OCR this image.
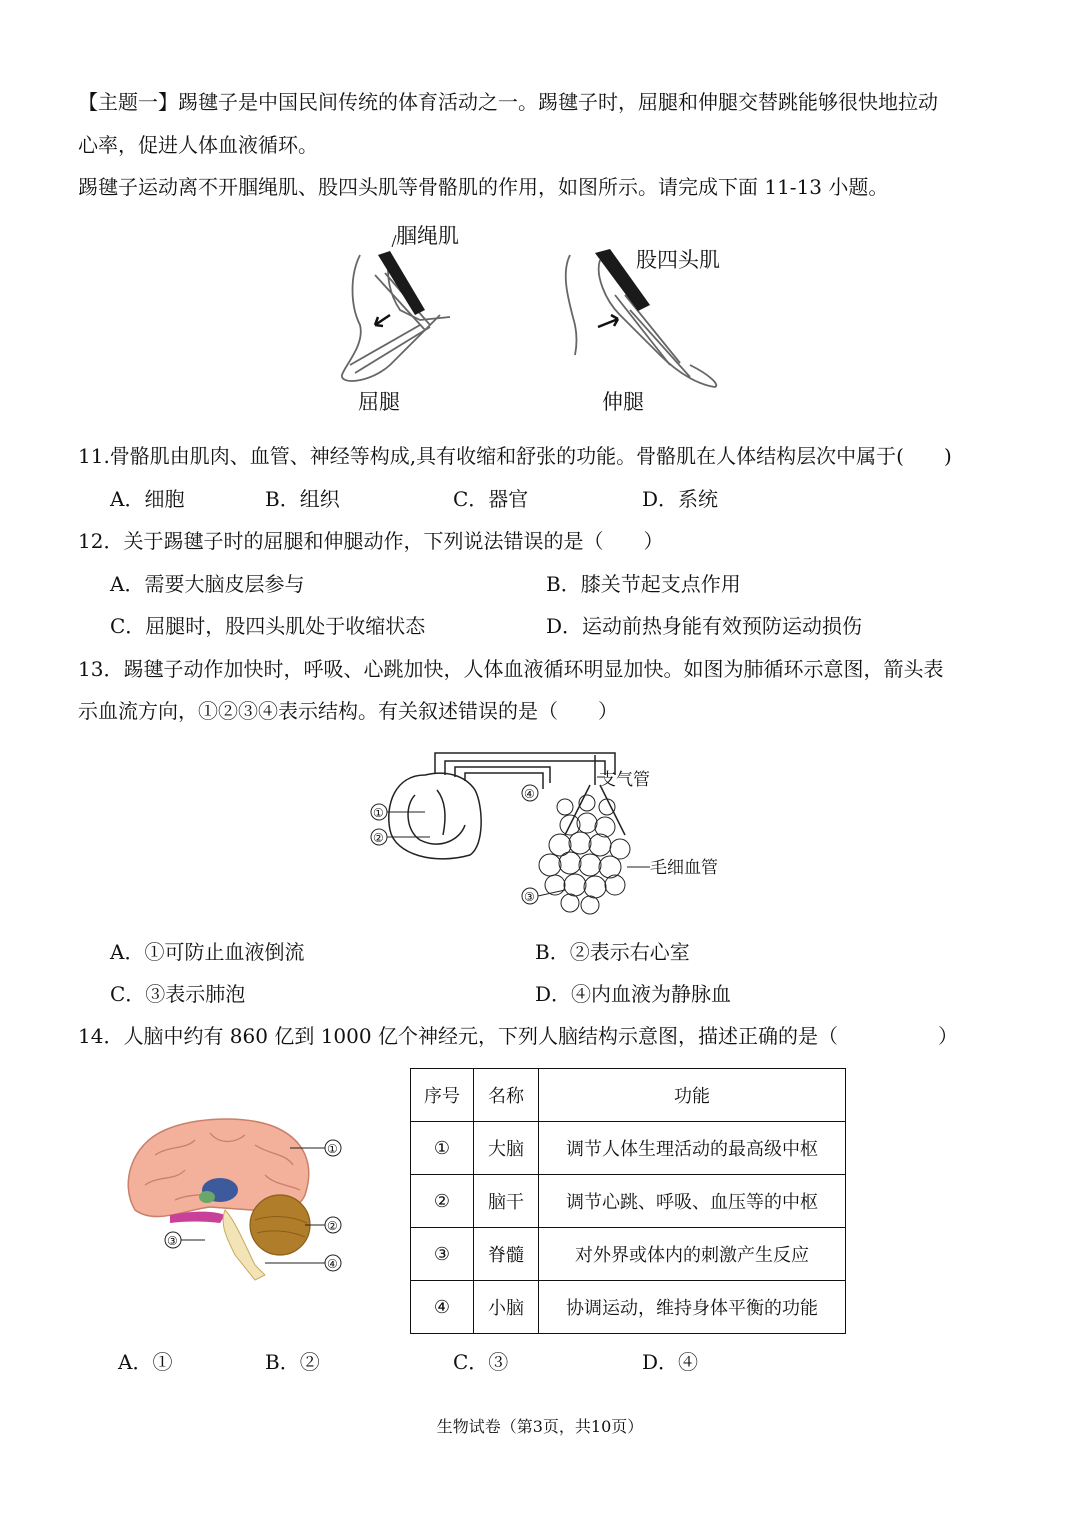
【主题一】踢毽子是中国民间传统的体育活动之一。踢毽子时，屈腿和伸腿交替跳能够很快地拉动
心率，促进人体血液循环。
踢毽子运动离不开腘绳肌、股四头肌等骨骼肌的作用，如图所示。请完成下面 11-13 小题。
腘绳肌
屈腿
股四头肌
伸腿
11.骨骼肌由肌肉、血管、神经等构成,具有收缩和舒张的功能。骨骼肌在人体结构层次中属于(　　)
A．细胞	B．组织	C．器官	D．系统
12．关于踢毽子时的屈腿和伸腿动作，下列说法错误的是（　　）
A．需要大脑皮层参与	B．膝关节起支点作用
C．屈腿时，股四头肌处于收缩状态	D．运动前热身能有效预防运动损伤
13．踢毽子动作加快时，呼吸、心跳加快，人体血液循环明显加快。如图为肺循环示意图，箭头表
示血流方向，①②③④表示结构。有关叙述错误的是（　　）
①
②
④
③
支气管
毛细血管
A．①可防止血液倒流	B．②表示右心室
C．③表示肺泡	D．④内血液为静脉血
14．人脑中约有 860 亿到 1000 亿个神经元，下列人脑结构示意图，描述正确的是（　　　　　）
①
②
③
④
序号	名称	功能
①	大脑	调节人体生理活动的最高级中枢
②	脑干	调节心跳、呼吸、血压等的中枢
③	脊髓	对外界或体内的刺激产生反应
④	小脑	协调运动，维持身体平衡的功能
A．①	B．②	C．③	D．④
生物试卷（第3页，共10页）
